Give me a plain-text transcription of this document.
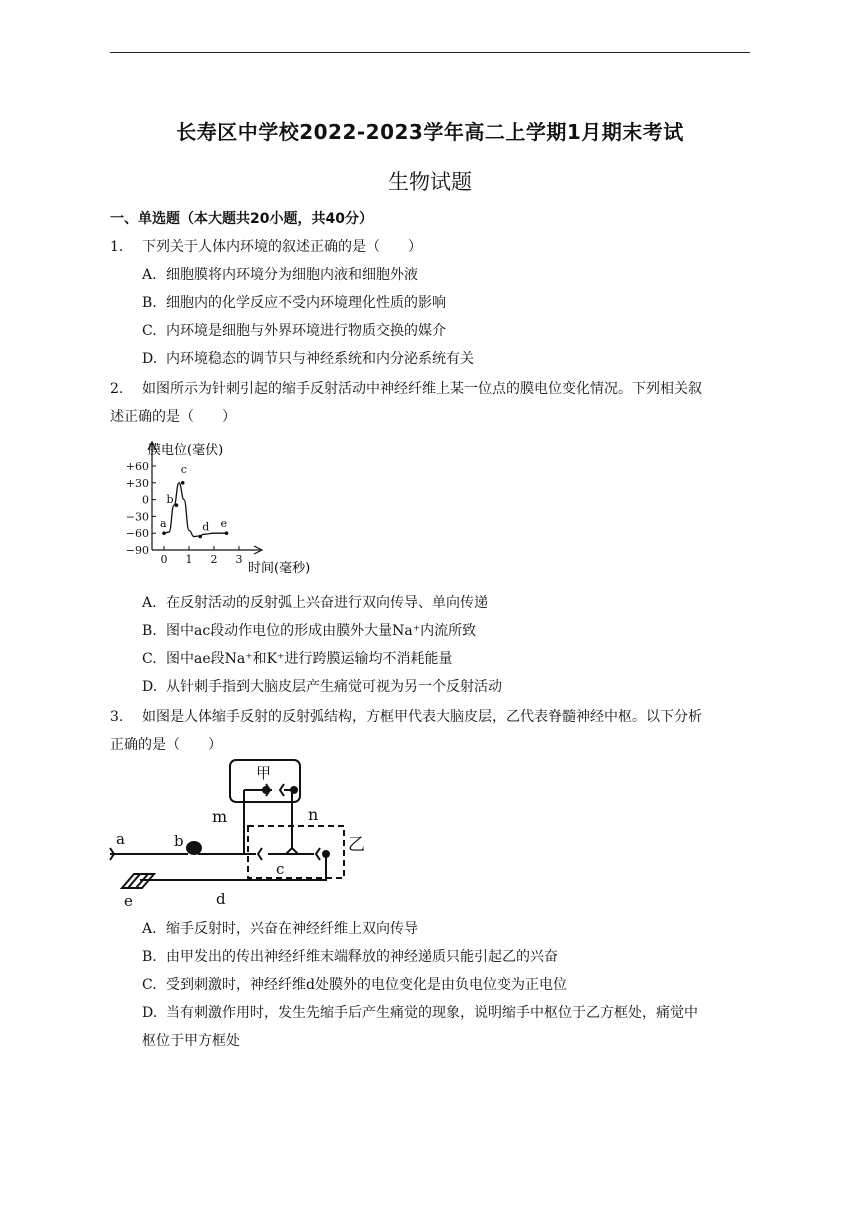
长寿区中学校2022-2023学年高二上学期1月期末考试
生物试题
一、单选题（本大题共20小题，共40分）
1. 下列关于人体内环境的叙述正确的是（　　）
A. 细胞膜将内环境分为细胞内液和细胞外液
B. 细胞内的化学反应不受内环境理化性质的影响
C. 内环境是细胞与外界环境进行物质交换的媒介
D. 内环境稳态的调节只与神经系统和内分泌系统有关
2. 如图所示为针刺引起的缩手反射活动中神经纤维上某一位点的膜电位变化情况。下列相关叙
述正确的是（　　）
+60
+30
0
−30
−60
−90
0 1 2 3
a
b
c
d e
膜电位(毫伏)
时间(毫秒)
A. 在反射活动的反射弧上兴奋进行双向传导、单向传递
B. 图中ac段动作电位的形成由膜外大量Na⁺内流所致
C. 图中ae段Na⁺和K⁺进行跨膜运输均不消耗能量
D. 从针刺手指到大脑皮层产生痛觉可视为另一个反射活动
3. 如图是人体缩手反射的反射弧结构，方框甲代表大脑皮层，乙代表脊髓神经中枢。以下分析
正确的是（　　）
甲
m	n
乙
a	b
c
d
e
A. 缩手反射时，兴奋在神经纤维上双向传导
B. 由甲发出的传出神经纤维末端释放的神经递质只能引起乙的兴奋
C. 受到刺激时，神经纤维d处膜外的电位变化是由负电位变为正电位
D. 当有刺激作用时，发生先缩手后产生痛觉的现象，说明缩手中枢位于乙方框处，痛觉中
枢位于甲方框处
